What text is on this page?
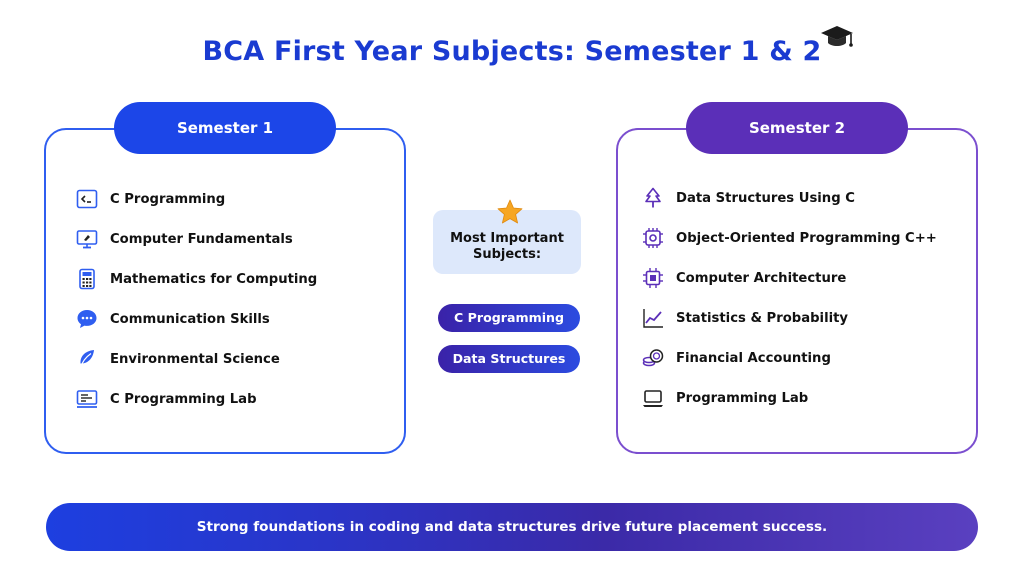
BCA First Year Subjects: Semester 1 & 2
Semester 1
C Programming
Computer Fundamentals
Mathematics for Computing
Communication Skills
Environmental Science
C Programming Lab
Semester 2
Data Structures Using C
Object-Oriented Programming C++
Computer Architecture
Statistics & Probability
Financial Accounting
Programming Lab
Most Important
Subjects:
C Programming
Data Structures
Strong foundations in coding and data structures drive future placement success.
